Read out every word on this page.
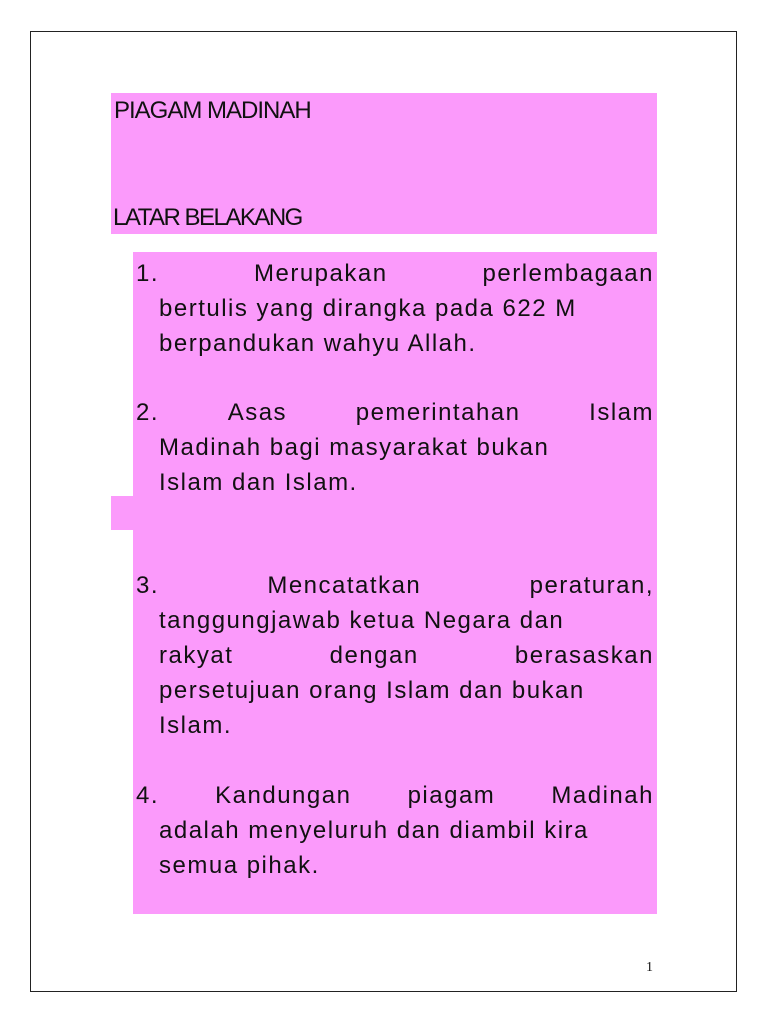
PIAGAM MADINAH
LATAR BELAKANG
1.	Merupakan	perlembagaan
bertulis yang dirangka pada 622 M
berpandukan wahyu Allah.
2.	Asas	pemerintahan	Islam
Madinah bagi masyarakat bukan
Islam dan Islam.
3.	Mencatatkan	peraturan,
tanggungjawab ketua Negara dan
rakyat	dengan	berasaskan
persetujuan orang Islam dan bukan
Islam.
4. Kandungan piagam Madinah
adalah menyeluruh dan diambil kira
semua pihak.
1
